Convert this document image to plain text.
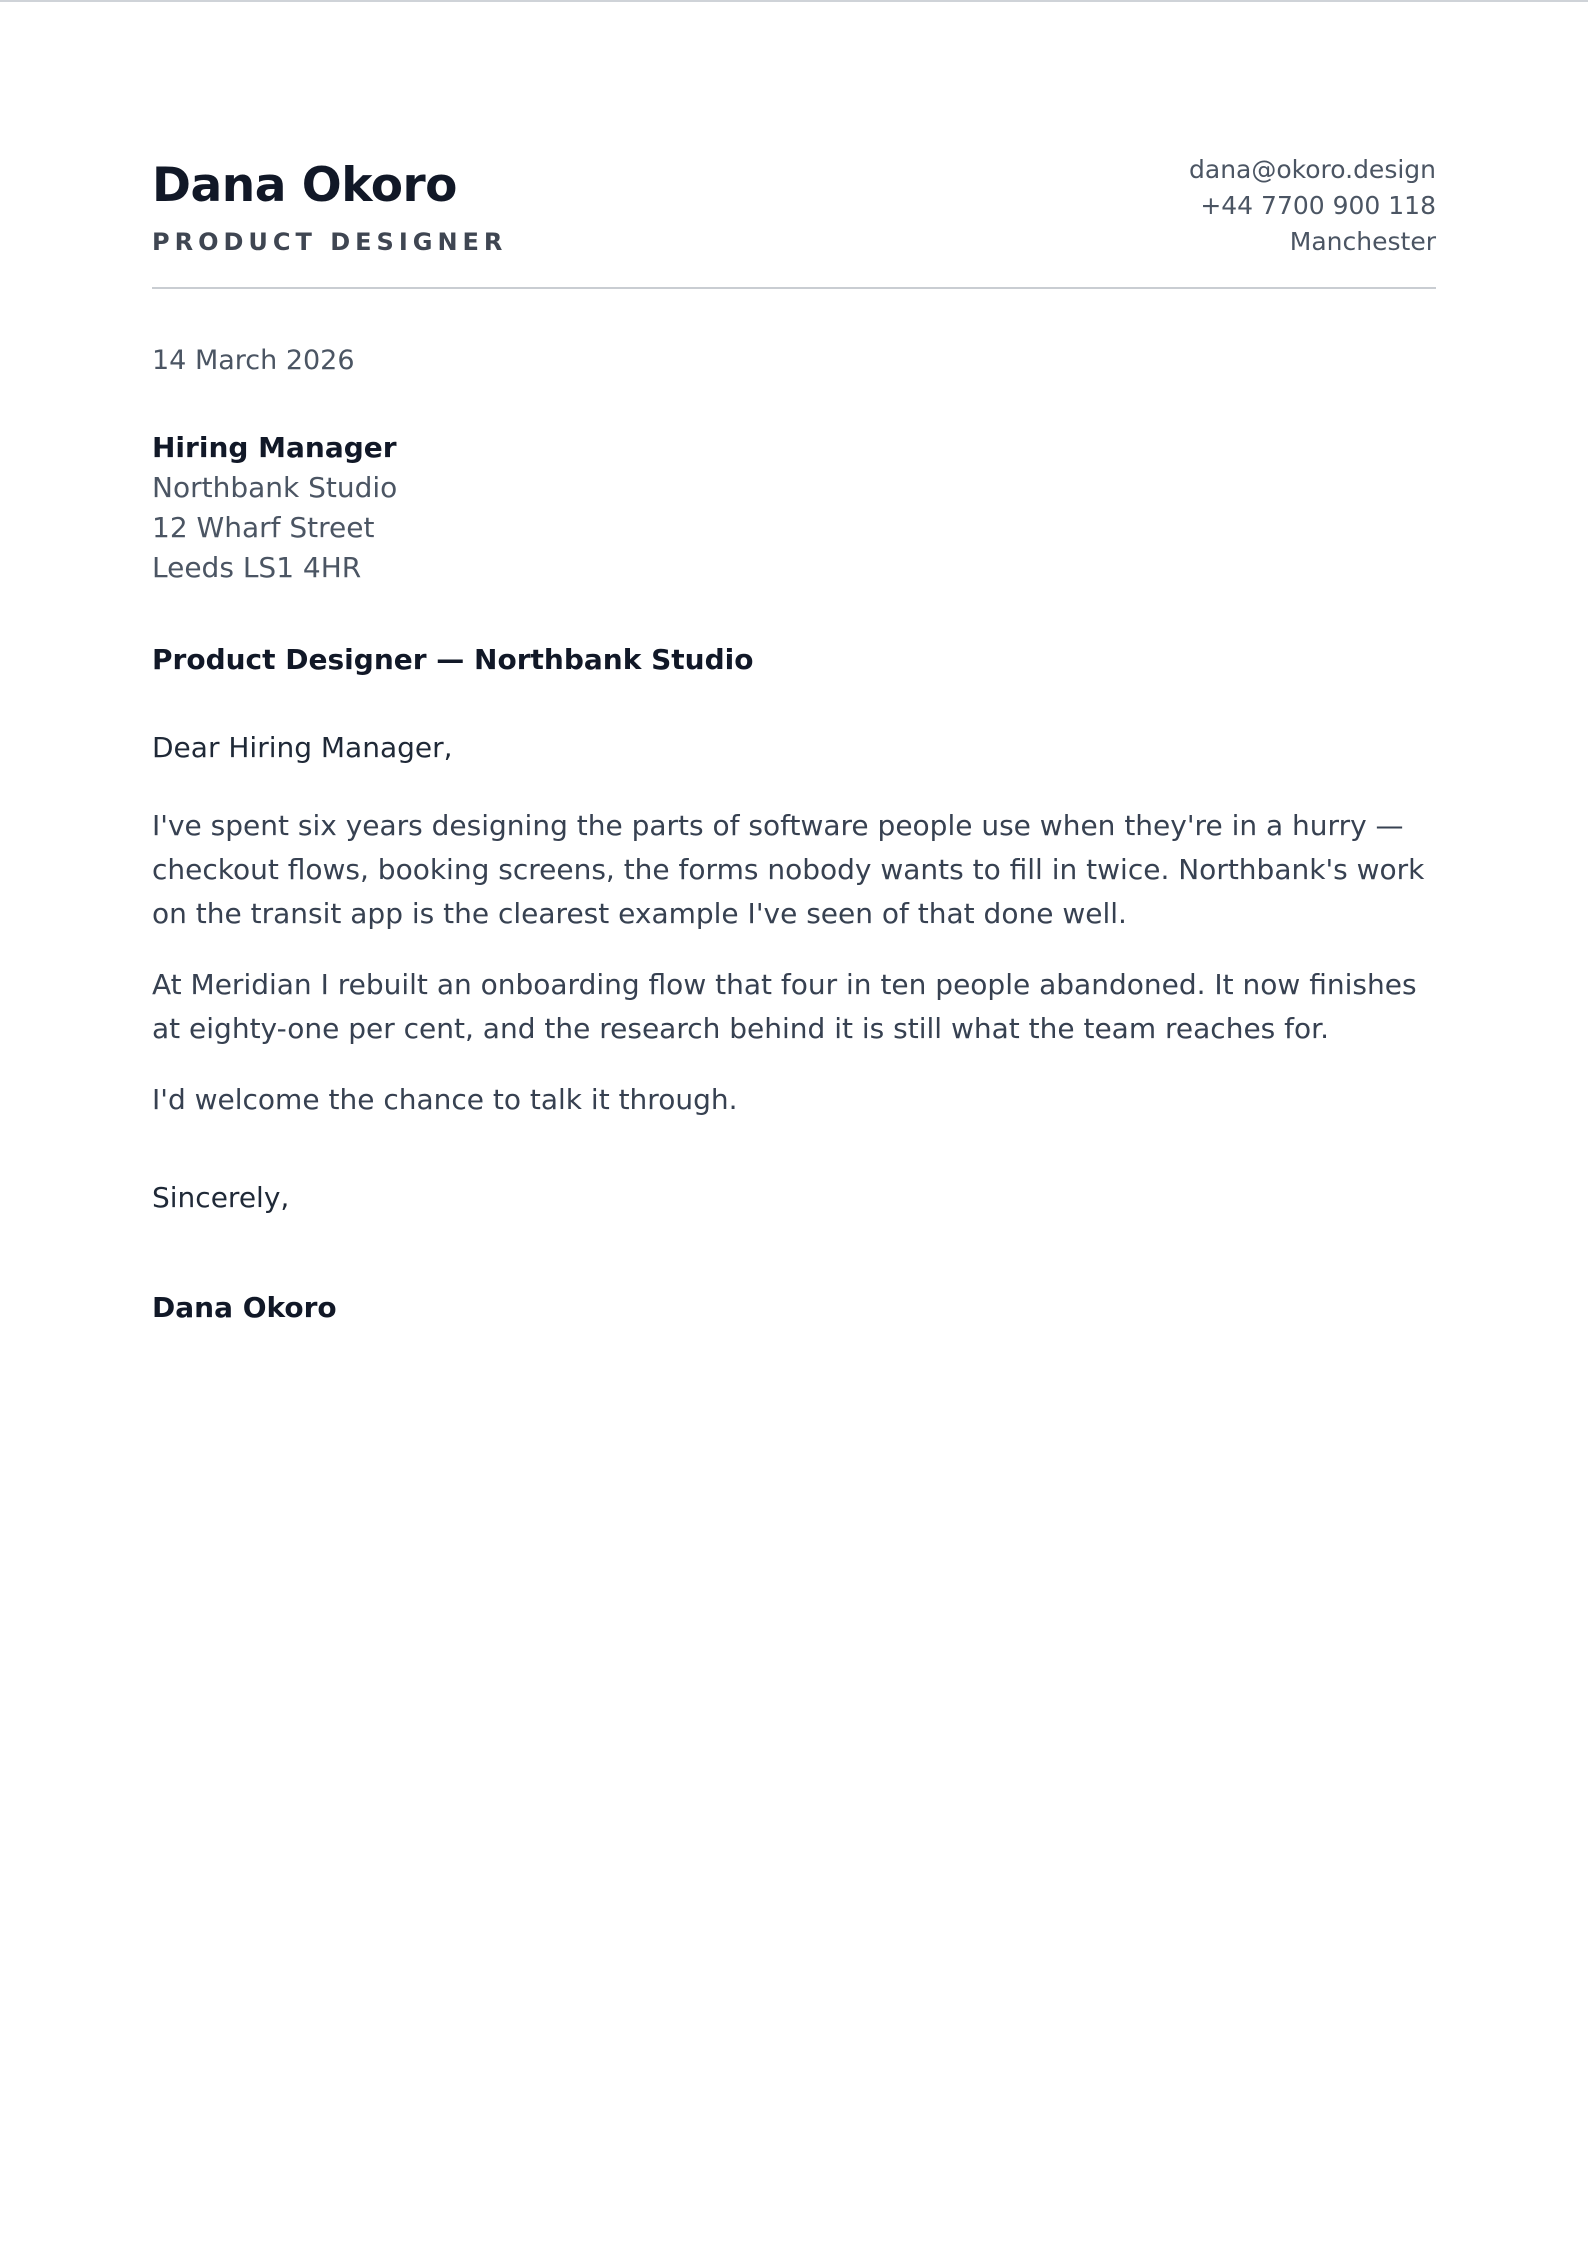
Dana Okoro
PRODUCT DESIGNER
dana@okoro.design
+44 7700 900 118
Manchester
14 March 2026
Hiring Manager
Northbank Studio
12 Wharf Street
Leeds LS1 4HR
Product Designer — Northbank Studio
Dear Hiring Manager,

I've spent six years designing the parts of software people use when they're in a hurry — checkout flows, booking screens, the forms nobody wants to fill in twice. Northbank's work on the transit app is the clearest example I've seen of that done well.

At Meridian I rebuilt an onboarding flow that four in ten people abandoned. It now finishes at eighty-one per cent, and the research behind it is still what the team reaches for.

I'd welcome the chance to talk it through.

Sincerely,
Dana Okoro
